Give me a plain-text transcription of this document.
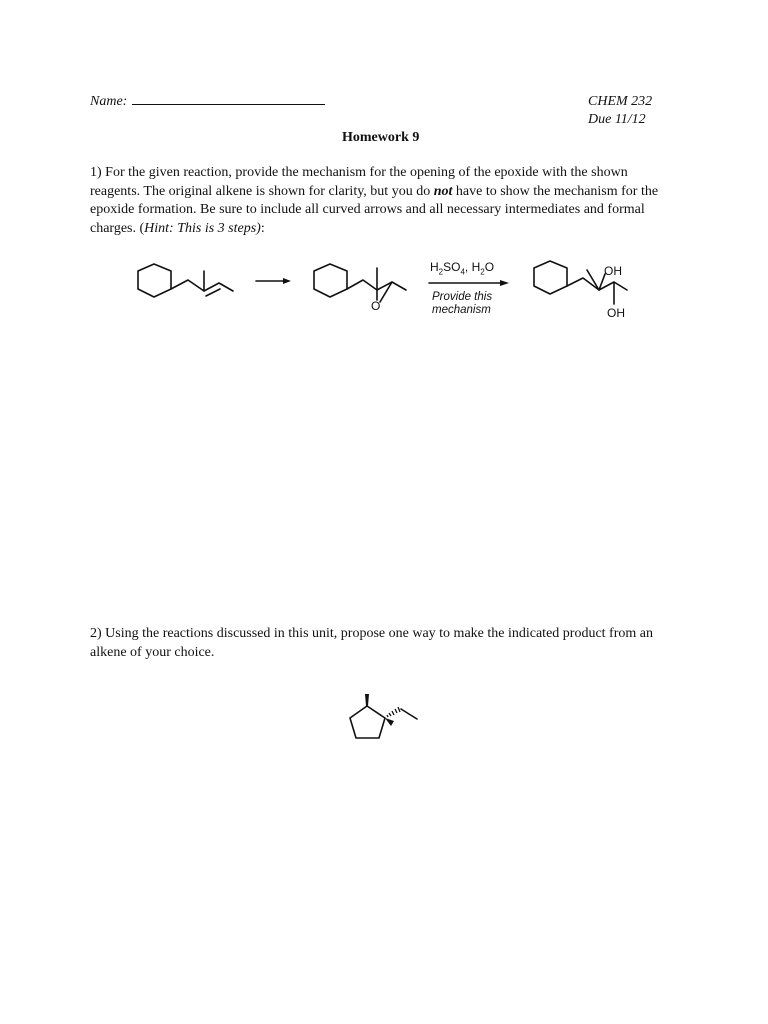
Name:	CHEM 232
Due 11/12
Homework 9
1) For the given reaction, provide the mechanism for the opening of the epoxide with the shown reagents. The original alkene is shown for clarity, but you do not have to show the mechanism for the epoxide formation. Be sure to include all curved arrows and all necessary intermediates and formal charges. (Hint: This is 3 steps):
$H_2SO_4$, $H_2O$
Provide this
mechanism
O
OH
OH
2) Using the reactions discussed in this unit, propose one way to make the indicated product from an alkene of your choice.
